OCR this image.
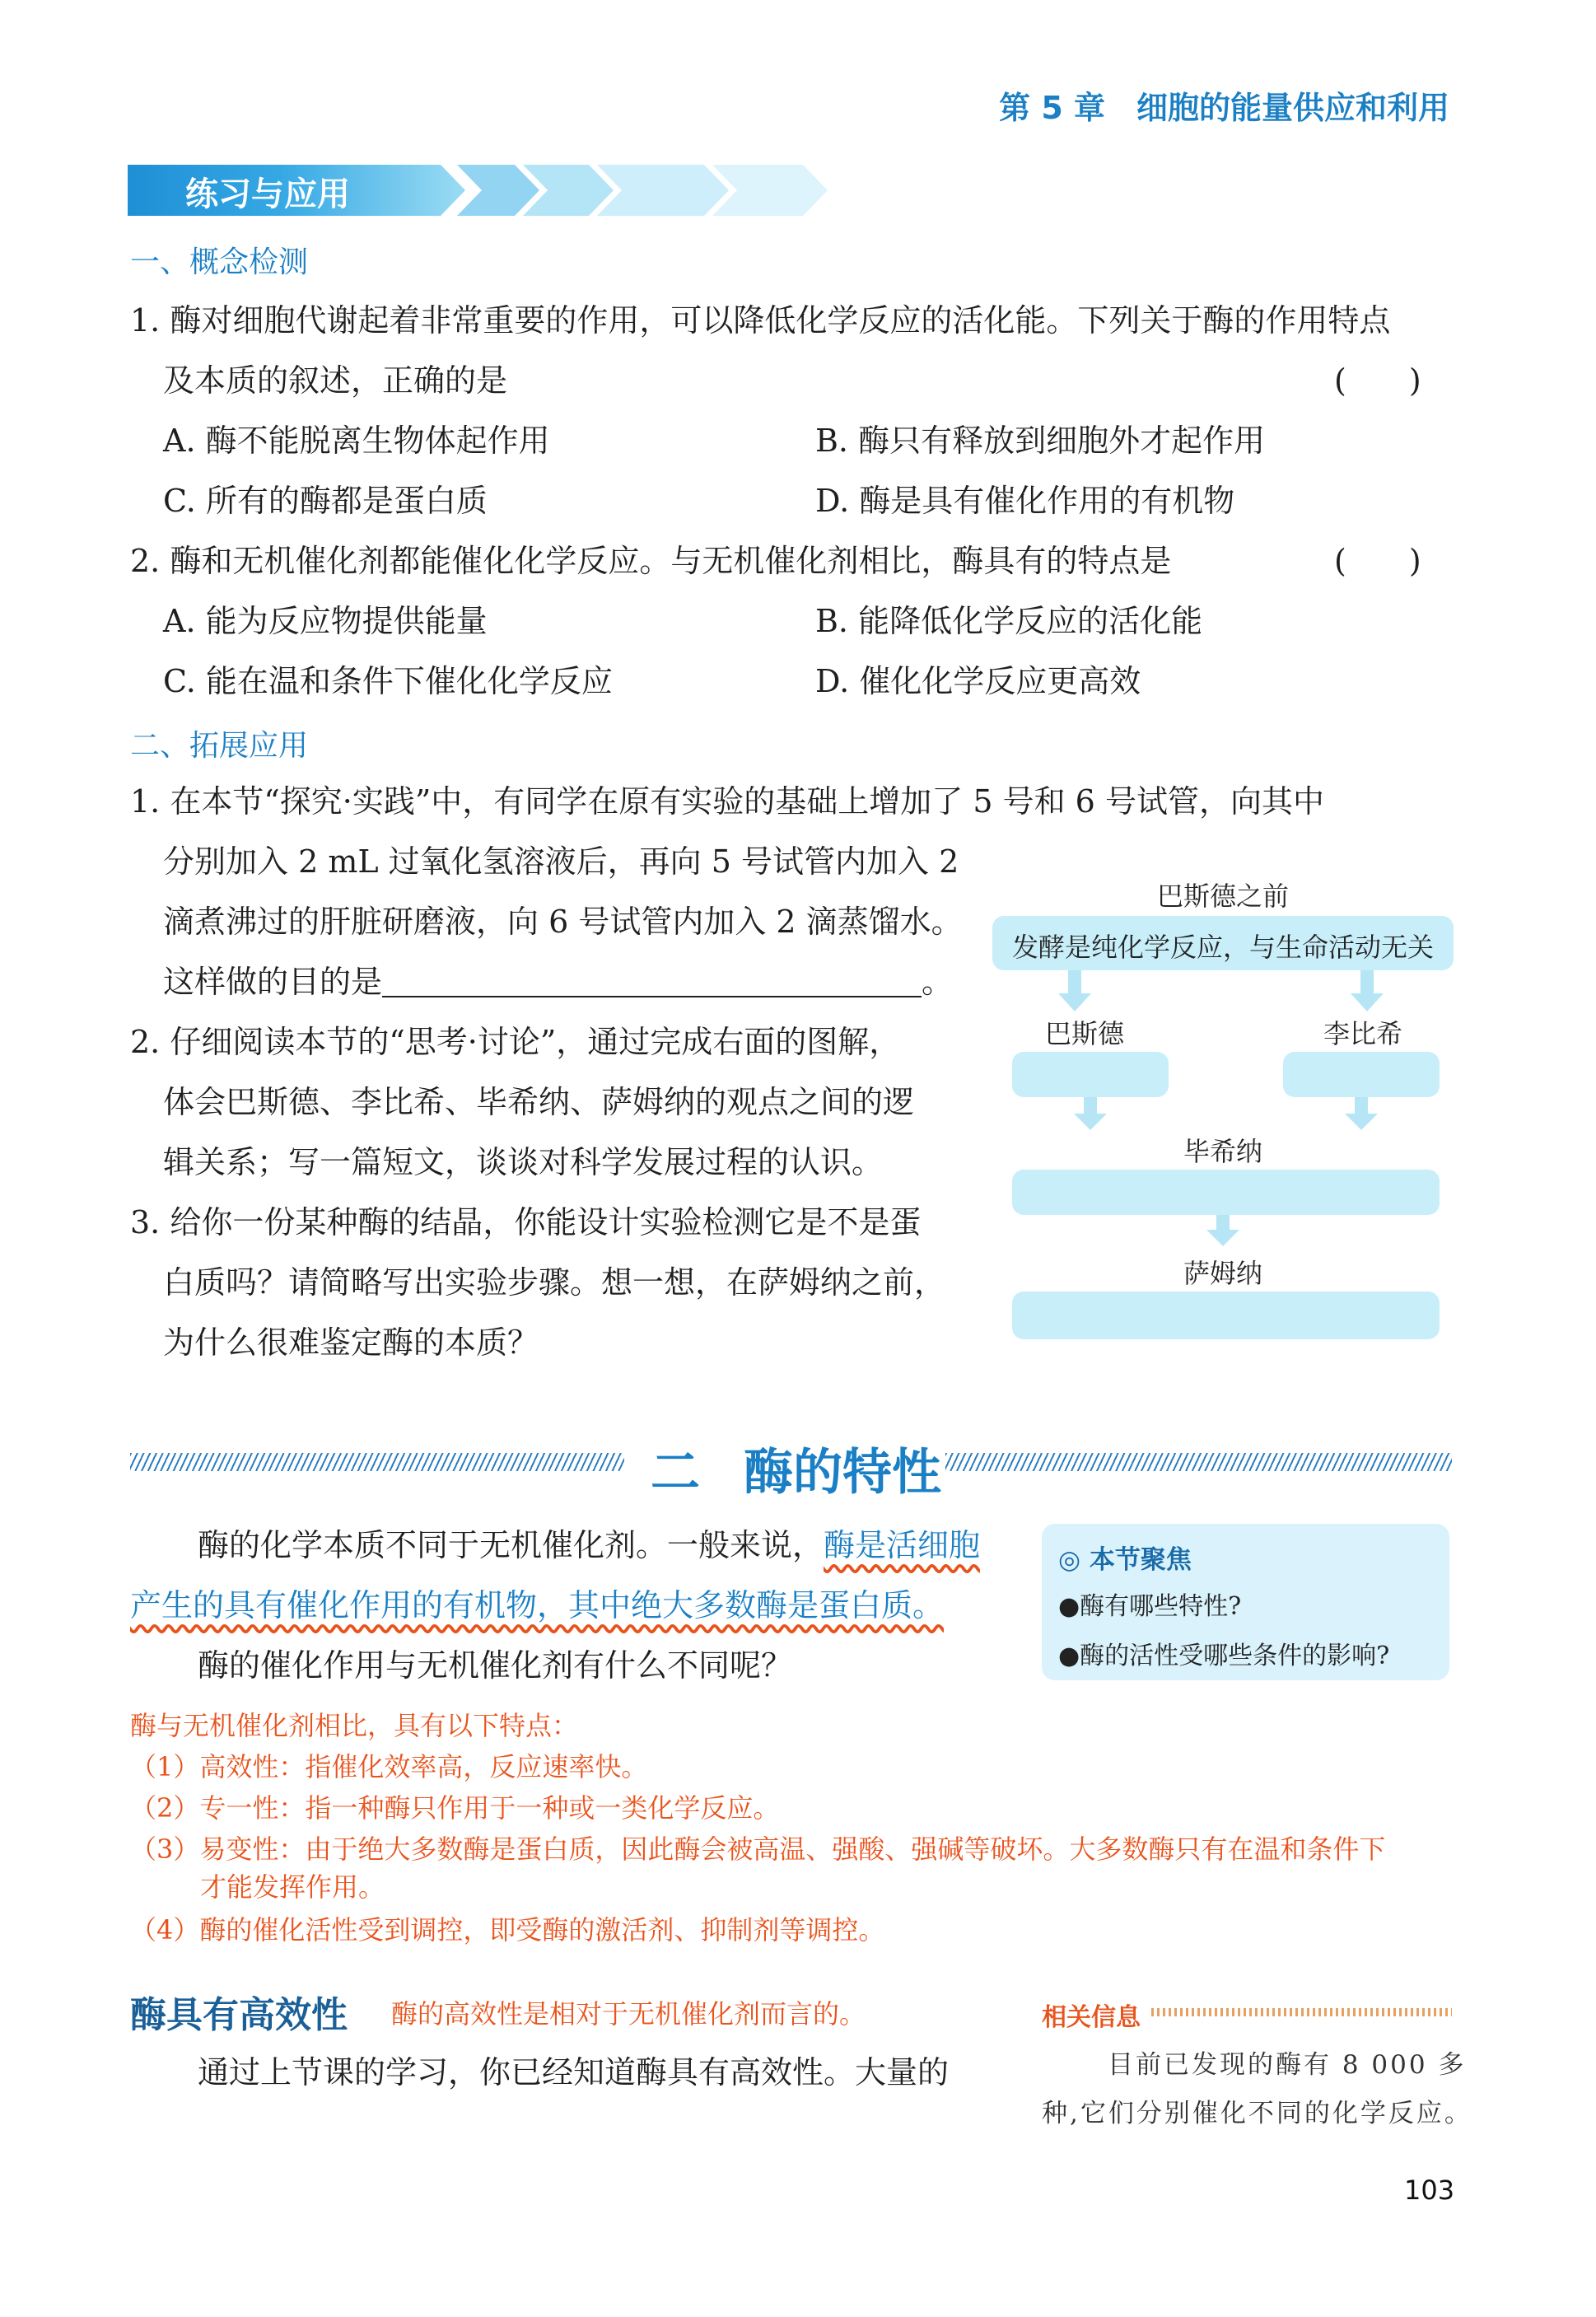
第 5 章　细胞的能量供应和利用
练习与应用
一、概念检测
1. 酶对细胞代谢起着非常重要的作用，可以降低化学反应的活化能。下列关于酶的作用特点
及本质的叙述，正确的是	(　　)
A. 酶不能脱离生物体起作用	B. 酶只有释放到细胞外才起作用
C. 所有的酶都是蛋白质	D. 酶是具有催化作用的有机物
2. 酶和无机催化剂都能催化化学反应。与无机催化剂相比，酶具有的特点是	(　　)
A. 能为反应物提供能量	B. 能降低化学反应的活化能
C. 能在温和条件下催化化学反应	D. 催化化学反应更高效
二、拓展应用
1. 在本节“探究·实践”中，有同学在原有实验的基础上增加了 5 号和 6 号试管，向其中
分别加入 2 mL 过氧化氢溶液后，再向 5 号试管内加入 2
滴煮沸过的肝脏研磨液，向 6 号试管内加入 2 滴蒸馏水。
这样做的目的是	。
2. 仔细阅读本节的“思考·讨论”，通过完成右面的图解，
体会巴斯德、李比希、毕希纳、萨姆纳的观点之间的逻
辑关系；写一篇短文，谈谈对科学发展过程的认识。
3. 给你一份某种酶的结晶，你能设计实验检测它是不是蛋
白质吗？请简略写出实验步骤。想一想，在萨姆纳之前，
为什么很难鉴定酶的本质？
巴斯德之前
发酵是纯化学反应，与生命活动无关
巴斯德	李比希
毕希纳
萨姆纳
二 酶的特性
酶的化学本质不同于无机催化剂。一般来说，酶是活细胞
产生的具有催化作用的有机物，其中绝大多数酶是蛋白质。
酶的催化作用与无机催化剂有什么不同呢？
◎ 本节聚焦
●酶有哪些特性?
●酶的活性受哪些条件的影响?
酶与无机催化剂相比，具有以下特点：
（1）高效性：指催化效率高，反应速率快。
（2）专一性：指一种酶只作用于一种或一类化学反应。
（3）易变性：由于绝大多数酶是蛋白质，因此酶会被高温、强酸、强碱等破坏。大多数酶只有在温和条件下
才能发挥作用。
（4）酶的催化活性受到调控，即受酶的激活剂、抑制剂等调控。
酶具有高效性 酶的高效性是相对于无机催化剂而言的。
通过上节课的学习，你已经知道酶具有高效性。大量的
相关信息
目前已发现的酶有 8 000 多
种,它们分别催化不同的化学反应。
103
